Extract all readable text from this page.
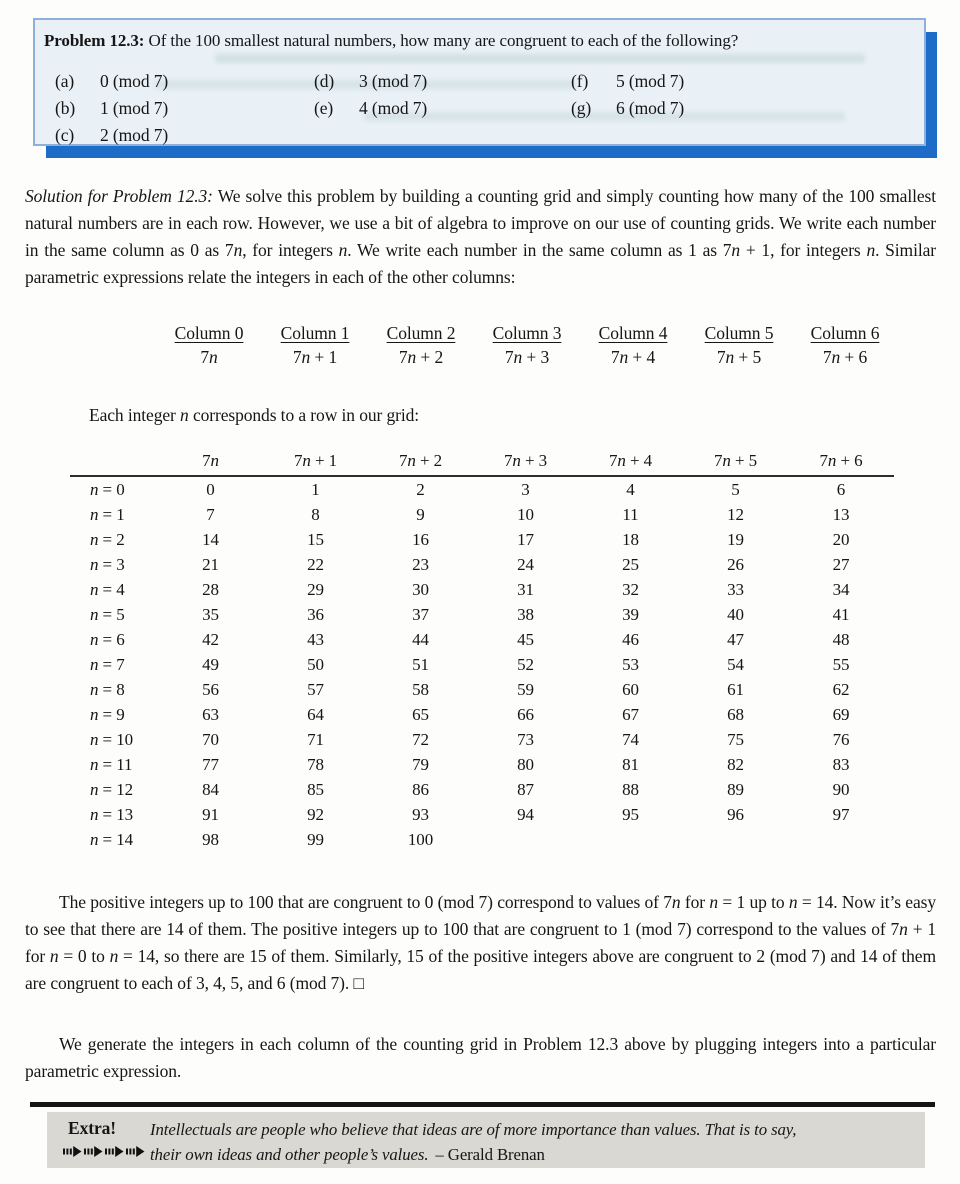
Problem 12.3: Of the 100 smallest natural numbers, how many are congruent to each of the following?
(a)	0 (mod 7)
(b)	1 (mod 7)
(c)	2 (mod 7)
(d)	3 (mod 7)
(e)	4 (mod 7)
(f)	5 (mod 7)
(g)	6 (mod 7)
Solution for Problem 12.3: We solve this problem by building a counting grid and simply counting how many of the 100 smallest natural numbers are in each row. However, we use a bit of algebra to improve on our use of counting grids. We write each number in the same column as 0 as 7n, for integers n. We write each number in the same column as 1 as 7n + 1, for integers n. Similar parametric expressions relate the integers in each of the other columns:
Column 0
7n
Column 1
7n + 1
Column 2
7n + 2
Column 3
7n + 3
Column 4
7n + 4
Column 5
7n + 5
Column 6
7n + 6
Each integer n corresponds to a row in our grid:
	7n	7n + 1	7n + 2	7n + 3	7n + 4	7n + 5	7n + 6
n = 0	0	1	2	3	4	5	6
n = 1	7	8	9	10	11	12	13
n = 2	14	15	16	17	18	19	20
n = 3	21	22	23	24	25	26	27
n = 4	28	29	30	31	32	33	34
n = 5	35	36	37	38	39	40	41
n = 6	42	43	44	45	46	47	48
n = 7	49	50	51	52	53	54	55
n = 8	56	57	58	59	60	61	62
n = 9	63	64	65	66	67	68	69
n = 10	70	71	72	73	74	75	76
n = 11	77	78	79	80	81	82	83
n = 12	84	85	86	87	88	89	90
n = 13	91	92	93	94	95	96	97
n = 14	98	99	100				
The positive integers up to 100 that are congruent to 0 (mod 7) correspond to values of 7n for n = 1 up to n = 14. Now it’s easy to see that there are 14 of them. The positive integers up to 100 that are congruent to 1 (mod 7) correspond to the values of 7n + 1 for n = 0 to n = 14, so there are 15 of them. Similarly, 15 of the positive integers above are congruent to 2 (mod 7) and 14 of them are congruent to each of 3, 4, 5, and 6 (mod 7). □
We generate the integers in each column of the counting grid in Problem 12.3 above by plugging integers into a particular parametric expression.
Extra! Intellectuals are people who believe that ideas are of more importance than values. That is to say,
their own ideas and other people’s values. – Gerald Brenan
